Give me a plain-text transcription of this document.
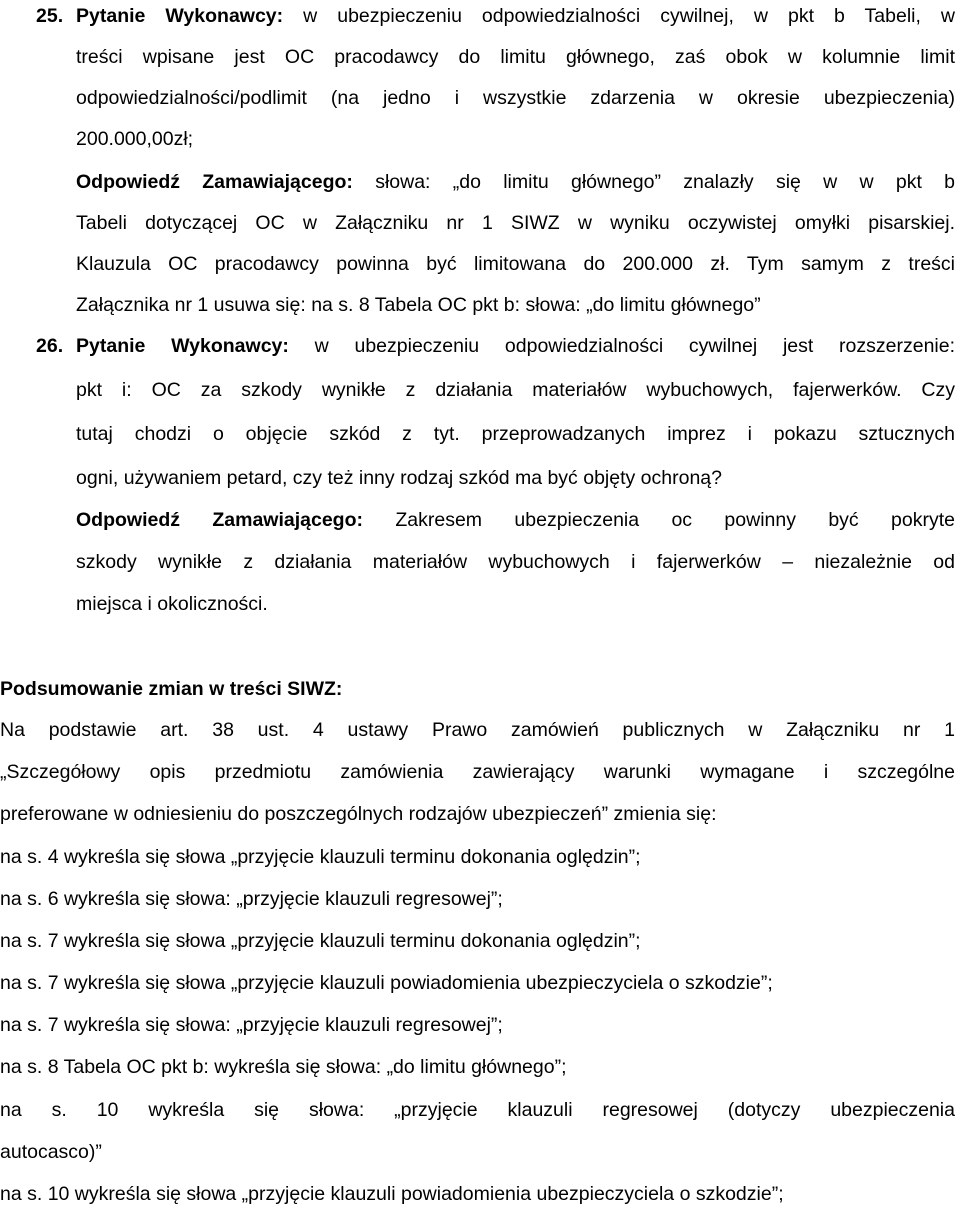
25. Pytanie Wykonawcy: w ubezpieczeniu odpowiedzialności cywilnej, w pkt b Tabeli, w
treści wpisane jest OC pracodawcy do limitu głównego, zaś obok w kolumnie limit
odpowiedzialności/podlimit (na jedno i wszystkie zdarzenia w okresie ubezpieczenia)
200.000,00zł;
Odpowiedź Zamawiającego: słowa: „do limitu głównego” znalazły się w w pkt b
Tabeli dotyczącej OC w Załączniku nr 1 SIWZ w wyniku oczywistej omyłki pisarskiej.
Klauzula OC pracodawcy powinna być limitowana do 200.000 zł. Tym samym z treści
Załącznika nr 1 usuwa się: na s. 8 Tabela OC pkt b: słowa: „do limitu głównego”
26. Pytanie Wykonawcy: w ubezpieczeniu odpowiedzialności cywilnej jest rozszerzenie:
pkt i: OC za szkody wynikłe z działania materiałów wybuchowych, fajerwerków. Czy
tutaj chodzi o objęcie szkód z tyt. przeprowadzanych imprez i pokazu sztucznych
ogni, używaniem petard, czy też inny rodzaj szkód ma być objęty ochroną?
Odpowiedź Zamawiającego: Zakresem ubezpieczenia oc powinny być pokryte
szkody wynikłe z działania materiałów wybuchowych i fajerwerków – niezależnie od
miejsca i okoliczności.
Podsumowanie zmian w treści SIWZ:
Na podstawie art. 38 ust. 4 ustawy Prawo zamówień publicznych w Załączniku nr 1
„Szczegółowy opis przedmiotu zamówienia zawierający warunki wymagane i szczególne
preferowane w odniesieniu do poszczególnych rodzajów ubezpieczeń” zmienia się:
na s. 4 wykreśla się słowa „przyjęcie klauzuli terminu dokonania oględzin”;
na s. 6 wykreśla się słowa: „przyjęcie klauzuli regresowej”;
na s. 7 wykreśla się słowa „przyjęcie klauzuli terminu dokonania oględzin”;
na s. 7 wykreśla się słowa „przyjęcie klauzuli powiadomienia ubezpieczyciela o szkodzie”;
na s. 7 wykreśla się słowa: „przyjęcie klauzuli regresowej”;
na s. 8 Tabela OC pkt b: wykreśla się słowa: „do limitu głównego”;
na s. 10 wykreśla się słowa: „przyjęcie klauzuli regresowej (dotyczy ubezpieczenia
autocasco)”
na s. 10 wykreśla się słowa „przyjęcie klauzuli powiadomienia ubezpieczyciela o szkodzie”;
